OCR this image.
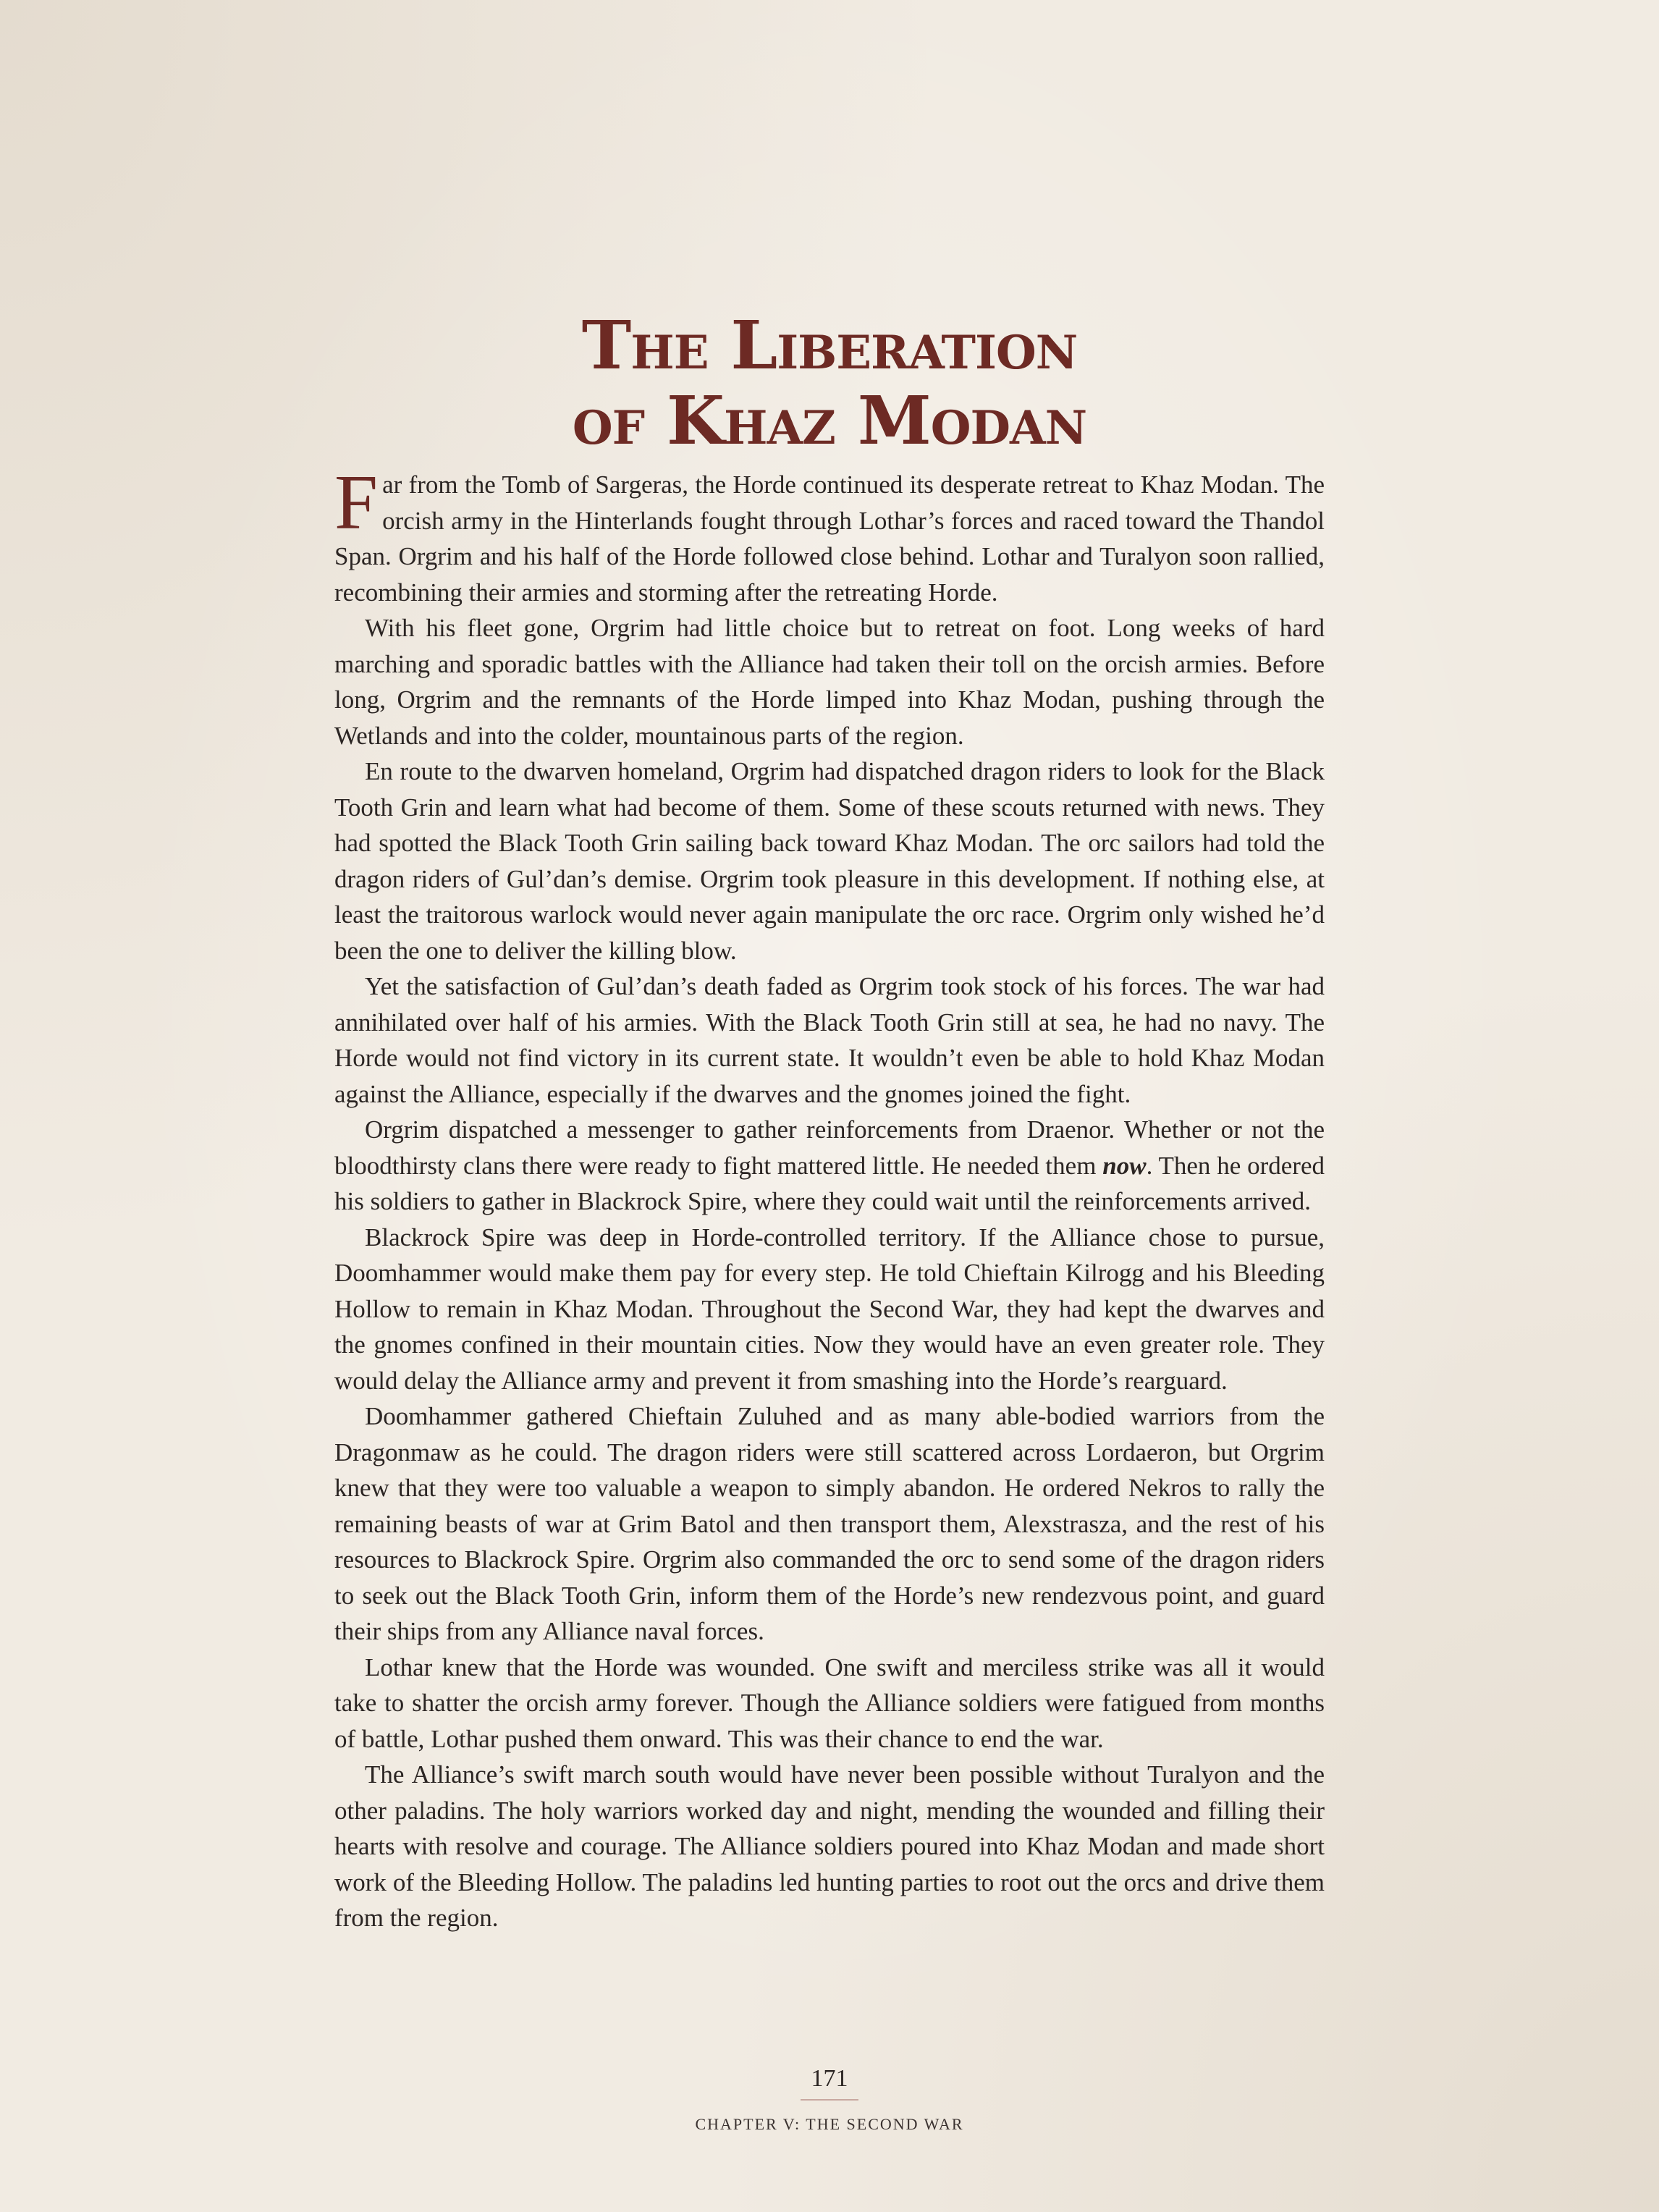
The Liberation
of Khaz Modan

Far from the Tomb of Sargeras, the Horde continued its desperate retreat to Khaz Modan. The orcish army in the Hinterlands fought through Lothar’s forces and raced toward the Thandol Span. Orgrim and his half of the Horde followed close behind. Lothar and Turalyon soon rallied, recombining their armies and storming after the retreating Horde.

With his fleet gone, Orgrim had little choice but to retreat on foot. Long weeks of hard marching and sporadic battles with the Alliance had taken their toll on the orcish armies. Before long, Orgrim and the remnants of the Horde limped into Khaz Modan, pushing through the Wetlands and into the colder, mountainous parts of the region.

En route to the dwarven homeland, Orgrim had dispatched dragon riders to look for the Black Tooth Grin and learn what had become of them. Some of these scouts returned with news. They had spotted the Black Tooth Grin sailing back toward Khaz Modan. The orc sailors had told the dragon riders of Gul’dan’s demise. Orgrim took pleasure in this development. If nothing else, at least the traitorous warlock would never again manipulate the orc race. Orgrim only wished he’d been the one to deliver the killing blow.

Yet the satisfaction of Gul’dan’s death faded as Orgrim took stock of his forces. The war had annihilated over half of his armies. With the Black Tooth Grin still at sea, he had no navy. The Horde would not find victory in its current state. It wouldn’t even be able to hold Khaz Modan against the Alliance, especially if the dwarves and the gnomes joined the fight.

Orgrim dispatched a messenger to gather reinforcements from Draenor. Whether or not the bloodthirsty clans there were ready to fight mattered little. He needed them now. Then he ordered his soldiers to gather in Blackrock Spire, where they could wait until the reinforcements arrived.

Blackrock Spire was deep in Horde-controlled territory. If the Alliance chose to pursue, Doomhammer would make them pay for every step. He told Chieftain Kilrogg and his Bleeding Hollow to remain in Khaz Modan. Throughout the Second War, they had kept the dwarves and the gnomes confined in their mountain cities. Now they would have an even greater role. They would delay the Alliance army and prevent it from smashing into the Horde’s rearguard.

Doomhammer gathered Chieftain Zuluhed and as many able-bodied warriors from the Dragonmaw as he could. The dragon riders were still scattered across Lordaeron, but Orgrim knew that they were too valuable a weapon to simply abandon. He ordered Nekros to rally the remaining beasts of war at Grim Batol and then transport them, Alexstrasza, and the rest of his resources to Blackrock Spire. Orgrim also commanded the orc to send some of the dragon riders to seek out the Black Tooth Grin, inform them of the Horde’s new rendezvous point, and guard their ships from any Alliance naval forces.

Lothar knew that the Horde was wounded. One swift and merciless strike was all it would take to shatter the orcish army forever. Though the Alliance soldiers were fatigued from months of battle, Lothar pushed them onward. This was their chance to end the war.

The Alliance’s swift march south would have never been possible without Turalyon and the other paladins. The holy warriors worked day and night, mending the wounded and filling their hearts with resolve and courage. The Alliance soldiers poured into Khaz Modan and made short work of the Bleeding Hollow. The paladins led hunting parties to root out the orcs and drive them from the region.

171
CHAPTER V: THE SECOND WAR
